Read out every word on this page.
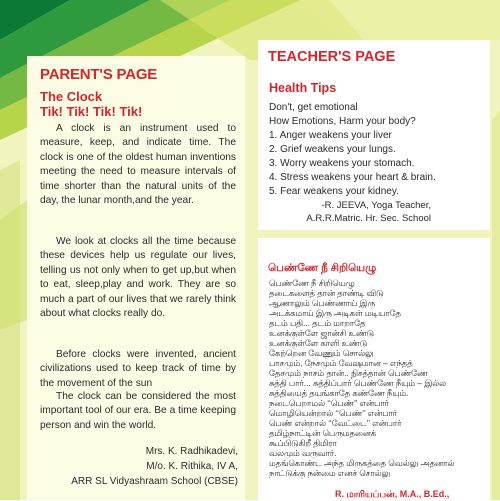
PARENT'S PAGE
The Clock
Tik! Tik! Tik! Tik!

A clock is an instrument used to measure, keep, and indicate time. The clock is one of the oldest human inventions meeting the need to measure intervals of time shorter than the natural units of the day, the lunar month,and the year.

We look at clocks all the time because these devices help us regulate our lives, telling us not only when to get up,but when to eat, sleep,play and work. They are so much a part of our lives that we rarely think about what clocks really do.

Before clocks were invented, ancient civilizations used to keep track of time by the movement of the sun

The clock can be considered the most important tool of our era. Be a time keeping person and win the world.

Mrs. K. Radhikadevi,
M/o. K. Rithika, IV A,
ARR SL Vidyashraam School (CBSE)
TEACHER'S PAGE
Health Tips
Don't, get emotional
How Emotions, Harm your body?
1. Anger weakens your liver
2. Grief weakens your lungs.
3. Worry weakens your stomach.
4. Stress weakens your heart & brain.
5. Fear weakens your kidney.
-R. JEEVA, Yoga Teacher,
A.R.R.Matric. Hr. Sec. School
பெண்ணே நீ சிறியெழு
பெண்ணே நீ சிறியெழு
தடைகளைத் தான் தாண்டி விடு
ஆணாலும் பெண்ணாய் இரு
அடக்கமாய் இரு அடிகள் மடியாதே
தடம் பதி... தடம் மாறாதே
உனக்குள்ளே ஜான்சி உண்டு
உனக்குள்ளே காளி உண்டு
கேற்றென வேணும் சொல்லு
பாசமும், நேசமும் வேஷமான – எந்தத்
தேசமும் நாசம் தான்.. நிசத்தான் பெண்ணே
சுத்தி பார்... சுத்திப்பார் பெண்ணே நீயும் – இல்ல
சுத்தியைத் தயங்காதே கண்ணே நீயும்.
நடைபெறாமல் ‘‘பெண்’’ என்பார்
மொழியென்றால் ‘‘பெண்’’ என்பார்
பெண் என்றால் ‘‘வேட்டை’’ என்பார்
தமிழ்நாட்டின் பெருமதனைக்
கூப்பிடுகிறீ திமிரா
வலமும் வருவார்.
மதங்கொண்ட அந்த மிருகத்தை வெல்லு அதனால்
நாட்டுக்கு நன்மை எனச் சொல்லு
R. மாரியப்பன், M.A., B.Ed.,
